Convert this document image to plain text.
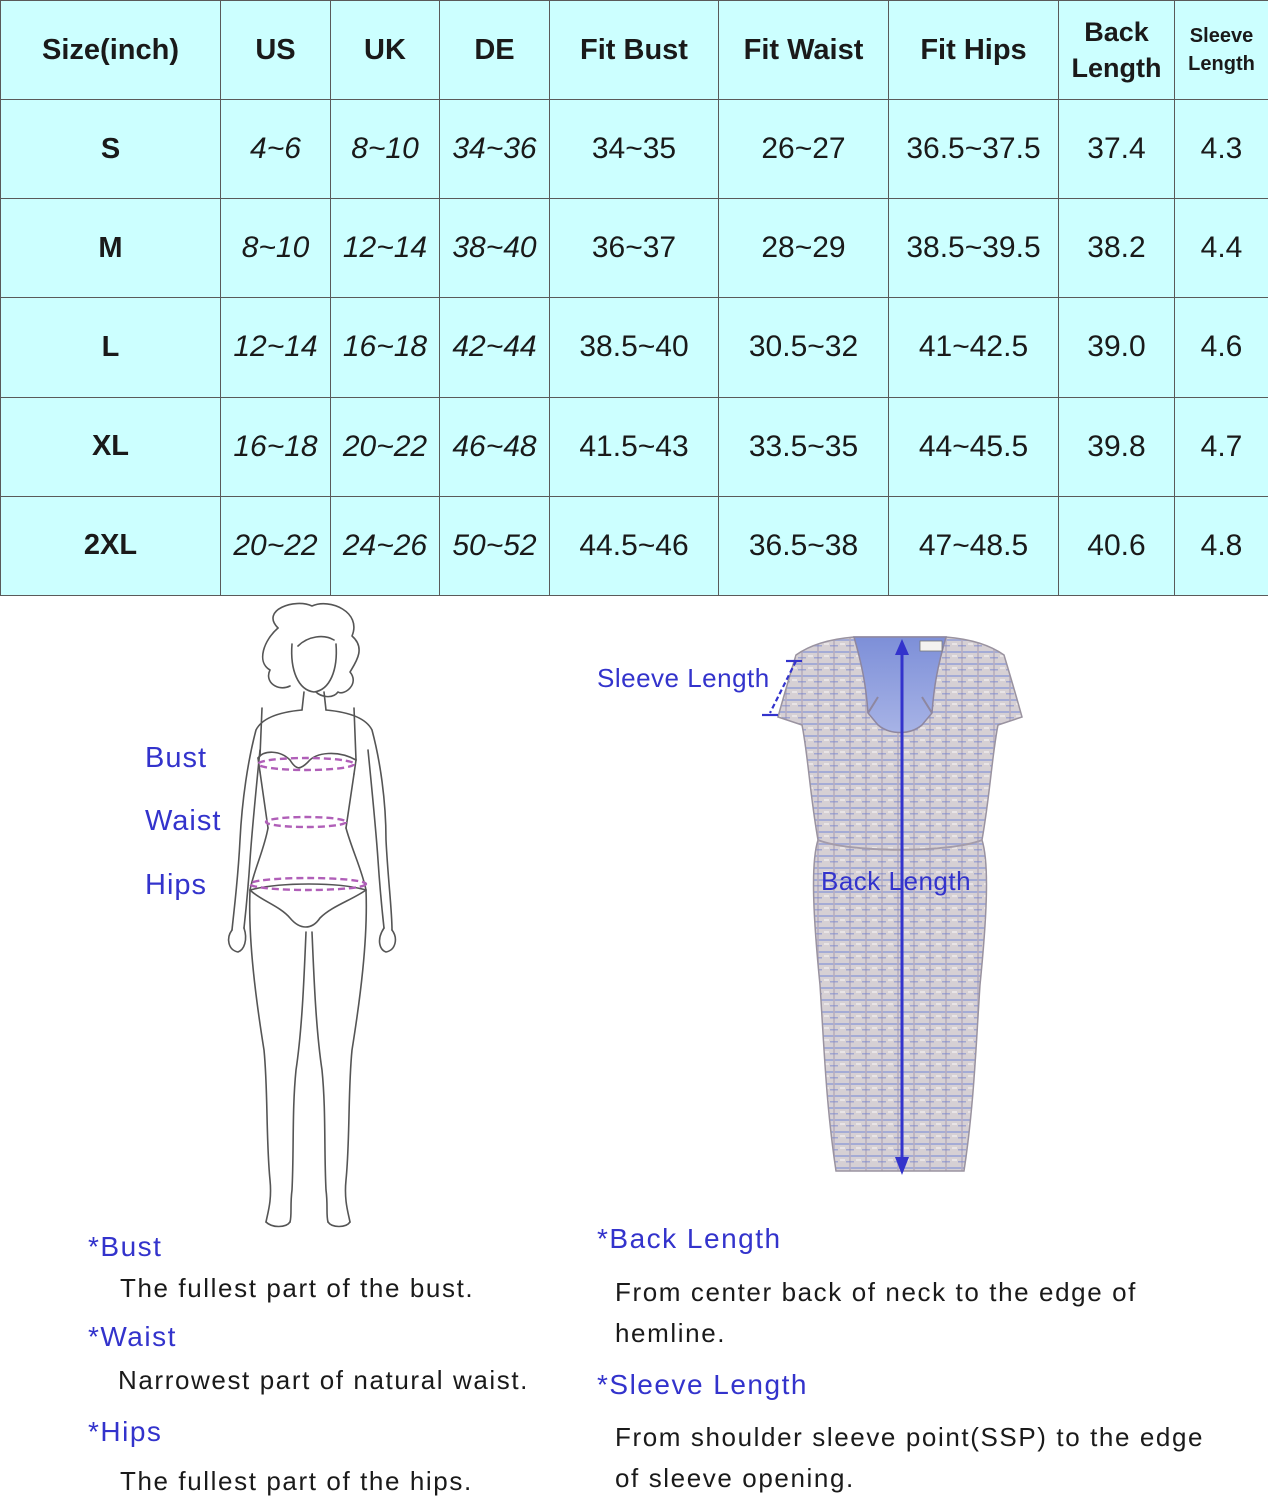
Size(inch)	US	UK	DE	Fit Bust	Fit Waist	Fit Hips	Back Length	Sleeve Length
S	4~6	8~10	34~36	34~35	26~27	36.5~37.5	37.4	4.3
M	8~10	12~14	38~40	36~37	28~29	38.5~39.5	38.2	4.4
L	12~14	16~18	42~44	38.5~40	30.5~32	41~42.5	39.0	4.6
XL	16~18	20~22	46~48	41.5~43	33.5~35	44~45.5	39.8	4.7
2XL	20~22	24~26	50~52	44.5~46	36.5~38	47~48.5	40.6	4.8
Bust
Waist
Hips
Sleeve Length
Back Length
*Bust
The fullest part of the bust.
*Waist
Narrowest part of natural waist.
*Hips
The fullest part of the hips.
*Back Length
From center back of neck to the edge of hemline.
*Sleeve Length
From shoulder sleeve point(SSP) to the edge of sleeve opening.
